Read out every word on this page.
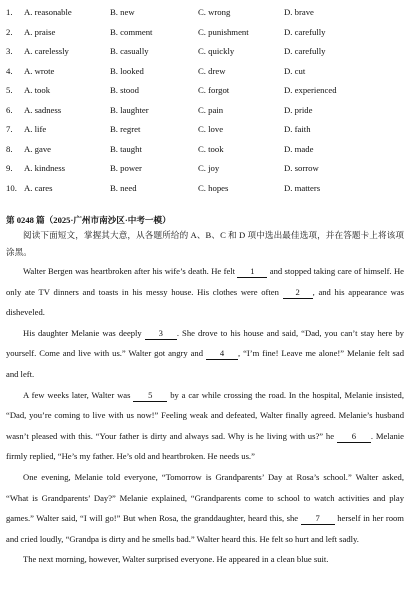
1. A. reasonable	B. new	C. wrong	D. brave
2. A. praise	B. comment	C. punishment	D. carefully
3. A. carelessly	B. casually	C. quickly	D. carefully
4. A. wrote	B. looked	C. drew	D. cut
5. A. took	B. stood	C. forgot	D. experienced
6. A. sadness	B. laughter	C. pain	D. pride
7. A. life	B. regret	C. love	D. faith
8. A. gave	B. taught	C. took	D. made
9. A. kindness	B. power	C. joy	D. sorrow
10. A. cares	B. need	C. hopes	D. matters
第 0248 篇（2025·广州市南沙区·中考一模）
阅读下面短文，掌握其大意，从各题所给的 A、B、C 和 D 项中选出最佳选项，并在答题卡上将该项涂黑。

Walter Bergen was heartbroken after his wife’s death. He felt 1 and stopped taking care of himself. He only ate TV dinners and toasts in his messy house. His clothes were often 2 , and his appearance was disheveled.

His daughter Melanie was deeply 3 . She drove to his house and said, “Dad, you can’t stay here by yourself. Come and live with us.” Walter got angry and 4 , “I’m fine! Leave me alone!” Melanie felt sad and left.

A few weeks later, Walter was 5 by a car while crossing the road. In the hospital, Melanie insisted, “Dad, you’re coming to live with us now!” Feeling weak and defeated, Walter finally agreed. Melanie’s husband wasn’t pleased with this. “Your father is dirty and always sad. Why is he living with us?” he 6 . Melanie firmly replied, “He’s my father. He’s old and heartbroken. He needs us.”

One evening, Melanie told everyone, “Tomorrow is Grandparents’ Day at Rosa’s school.” Walter asked, “What is Grandparents’ Day?” Melanie explained, “Grandparents come to school to watch activities and play games.” Walter said, “I will go!” But when Rosa, the granddaughter, heard this, she 7 herself in her room and cried loudly, “Grandpa is dirty and he smells bad.” Walter heard this. He felt so hurt and left sadly.

The next morning, however, Walter surprised everyone. He appeared in a clean blue suit.
